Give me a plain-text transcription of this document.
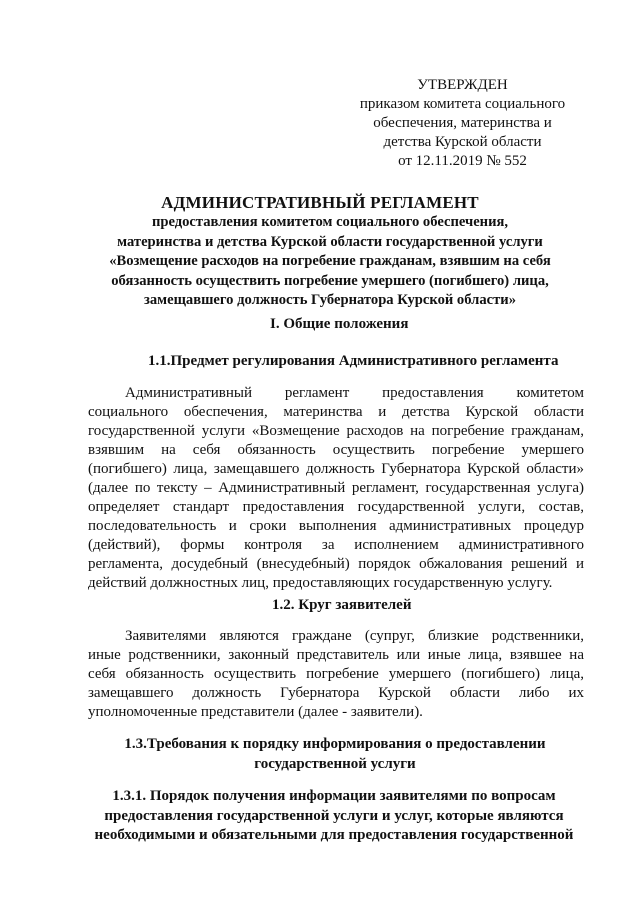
УТВЕРЖДЕН
приказом комитета социального
обеспечения, материнства и
детства Курской области
от 12.11.2019 № 552
АДМИНИСТРАТИВНЫЙ РЕГЛАМЕНТ
предоставления комитетом социального обеспечения,
материнства и детства Курской области государственной услуги
«Возмещение расходов на погребение гражданам, взявшим на себя
обязанность осуществить погребение умершего (погибшего) лица,
замещавшего должность Губернатора Курской области»
I. Общие положения
1.1.Предмет регулирования Административного регламента
Административный регламент предоставления комитетом
социального обеспечения, материнства и детства Курской области
государственной услуги «Возмещение расходов на погребение гражданам,
взявшим на себя обязанность осуществить погребение умершего
(погибшего) лица, замещавшего должность Губернатора Курской области»
(далее по тексту – Административный регламент, государственная услуга)
определяет стандарт предоставления государственной услуги, состав,
последовательность и сроки выполнения административных процедур
(действий), формы контроля за исполнением административного
регламента, досудебный (внесудебный) порядок обжалования решений и
действий должностных лиц, предоставляющих государственную услугу.
1.2. Круг заявителей
Заявителями являются граждане (супруг, близкие родственники,
иные родственники, законный представитель или иные лица, взявшее на
себя обязанность осуществить погребение умершего (погибшего) лица,
замещавшего должность Губернатора Курской области либо их
уполномоченные представители (далее - заявители).
1.3.Требования к порядку информирования о предоставлении
государственной услуги
1.3.1. Порядок получения информации заявителями по вопросам
предоставления государственной услуги и услуг, которые являются
необходимыми и обязательными для предоставления государственной
